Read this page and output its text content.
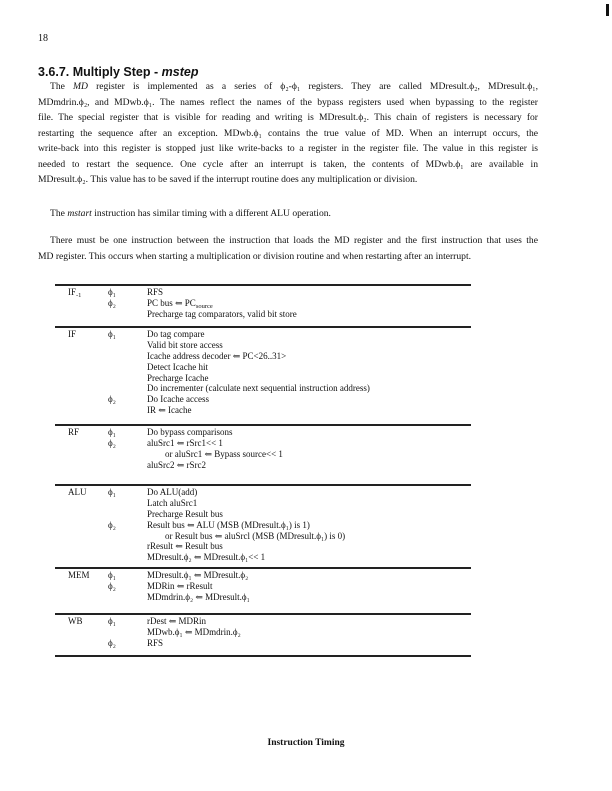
18
3.6.7. Multiply Step - mstep
The MD register is implemented as a series of ϕ₂-ϕ₁ registers. They are called MDresult.ϕ₂, MDresult.ϕ₁,
MDmdrin.ϕ₂, and MDwb.ϕ₁. The names reflect the names of the bypass registers used when bypassing to the register
file. The special register that is visible for reading and writing is MDresult.ϕ₂. This chain of registers is necessary for
restarting the sequence after an exception. MDwb.ϕ₁ contains the true value of MD. When an interrupt occurs, the
write-back into this register is stopped just like write-backs to a register in the register file. The value in this register is
needed to restart the sequence. One cycle after an interrupt is taken, the contents of MDwb.ϕ₁ are available in
MDresult.ϕ₂. This value has to be saved if the interrupt routine does any multiplication or division.
The mstart instruction has similar timing with a different ALU operation.
There must be one instruction between the instruction that loads the MD register and the first instruction that uses the
MD register. This occurs when starting a multiplication or division routine and when restarting after an interrupt.
$IF_{-1}$	ϕ₁	RFS
ϕ₂	PC bus ⇐ $PC_{source}$
Precharge tag comparators, valid bit store
IF	ϕ₁	Do tag compare
Valid bit store access
Icache address decoder ⇐ PC<26..31>
Detect Icache hit
Precharge Icache
Do incrementer (calculate next sequential instruction address)
ϕ₂	Do Icache access
IR ⇐ Icache
RF	ϕ₁	Do bypass comparisons
ϕ₂	aluSrc1 ⇐ rSrc1<< 1
or aluSrc1 ⇐ Bypass source<< 1
aluSrc2 ⇐ rSrc2
ALU ϕ₁	Do ALU(add)
Latch aluSrc1
Precharge Result bus
ϕ₂	Result bus ⇐ ALU (MSB (MDresult.ϕ₁) is 1)
or Result bus ⇐ aluSrcl (MSB (MDresult.ϕ₁) is 0)
rResult ⇐ Result bus
MDresult.ϕ₂ ⇐ MDresult.ϕ₁<< 1
MEM ϕ₁	MDresult.ϕ₁ ⇐ MDresult.ϕ₂
ϕ₂	MDRin ⇐ rResult
MDmdrin.ϕ₂ ⇐ MDresult.ϕ₁
WB	ϕ₁	rDest ⇐ MDRin
MDwb.ϕ₁ ⇐ MDmdrin.ϕ₂
ϕ₂	RFS
Instruction Timing
